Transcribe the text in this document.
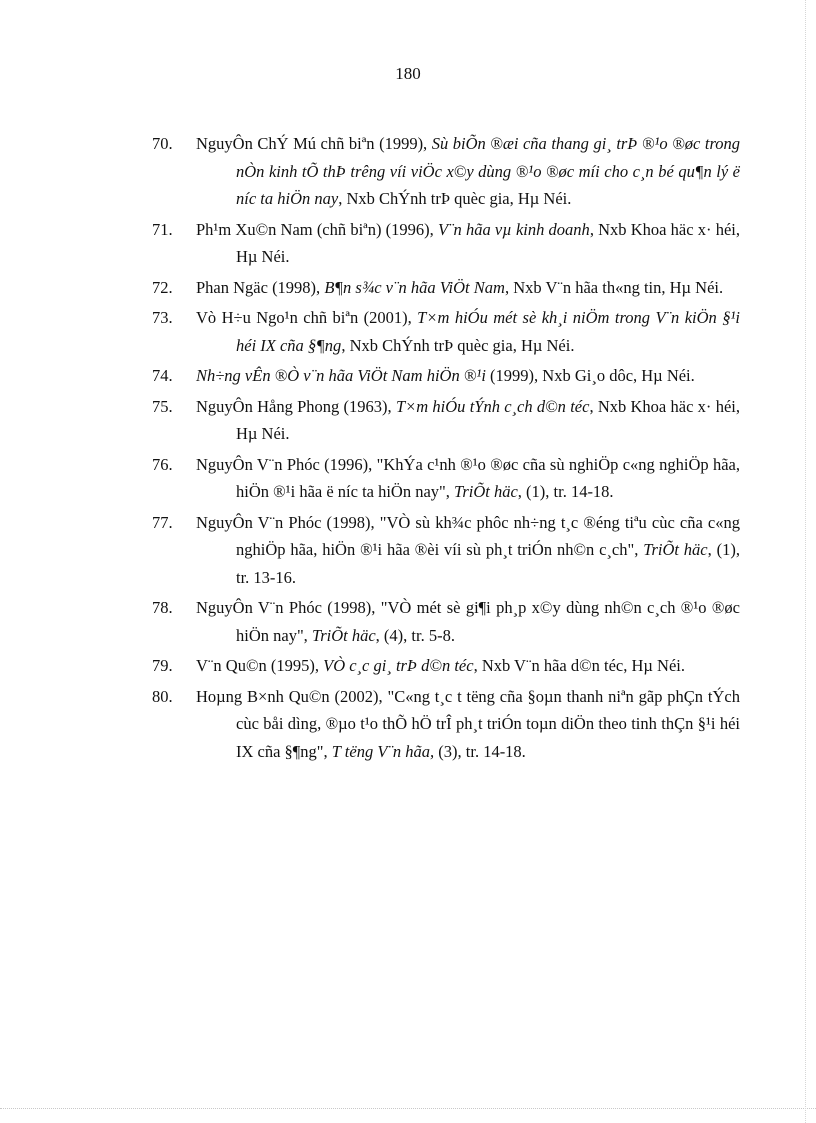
180
70. NguyÔn ChÝ Mú chñ biªn (1999), Sù biÕn ®æi cña thang gi¸ trÞ ®¹o ®øc trong nÒn kinh tÕ thÞ trêng víi viÖc x©y dùng ®¹o ®øc míi cho c¸n bé qu¶n lý ë níc ta hiÖn nay, Nxb ChÝnh trÞ quèc gia, Hµ Néi.
71. Ph¹m Xu©n Nam (chñ biªn) (1996), V¨n hãa vµ kinh doanh, Nxb Khoa häc x· héi, Hµ Néi.
72. Phan Ngäc (1998), B¶n s¾c v¨n hãa ViÖt Nam, Nxb V¨n hãa th«ng tin, Hµ Néi.
73. Vò H÷u Ngo¹n chñ biªn (2001), T×m hiÓu mét sè kh¸i niÖm trong V¨n kiÖn §¹i héi IX cña §¶ng, Nxb ChÝnh trÞ quèc gia, Hµ Néi.
74. Nh÷ng vÊn ®Ò v¨n hãa ViÖt Nam hiÖn ®¹i (1999), Nxb Gi¸o dôc, Hµ Néi.
75. NguyÔn Hång Phong (1963), T×m hiÓu tÝnh c¸ch d©n téc, Nxb Khoa häc x· héi, Hµ Néi.
76. NguyÔn V¨n Phóc (1996), "KhÝa c¹nh ®¹o ®øc cña sù nghiÖp c«ng nghiÖp hãa, hiÖn ®¹i hãa ë níc ta hiÖn nay", TriÕt häc, (1), tr. 14-18.
77. NguyÔn V¨n Phóc (1998), "VÒ sù kh¾c phôc nh÷ng t¸c ®éng tiªu cùc cña c«ng nghiÖp hãa, hiÖn ®¹i hãa ®èi víi sù ph¸t triÓn nh©n c¸ch", TriÕt häc, (1), tr. 13-16.
78. NguyÔn V¨n Phóc (1998), "VÒ mét sè gi¶i ph¸p x©y dùng nh©n c¸ch ®¹o ®øc hiÖn nay", TriÕt häc, (4), tr. 5-8.
79. V¨n Qu©n (1995), VÒ c¸c gi¸ trÞ d©n téc, Nxb V¨n hãa d©n téc, Hµ Néi.
80. Hoµng B×nh Qu©n (2002), "C«ng t¸c t tëng cña §oµn thanh niªn gãp phÇn tÝch cùc båi dìng, ®µo t¹o thÕ hÖ trÎ ph¸t triÓn toµn diÖn theo tinh thÇn §¹i héi IX cña §¶ng", T tëng V¨n hãa, (3), tr. 14-18.
